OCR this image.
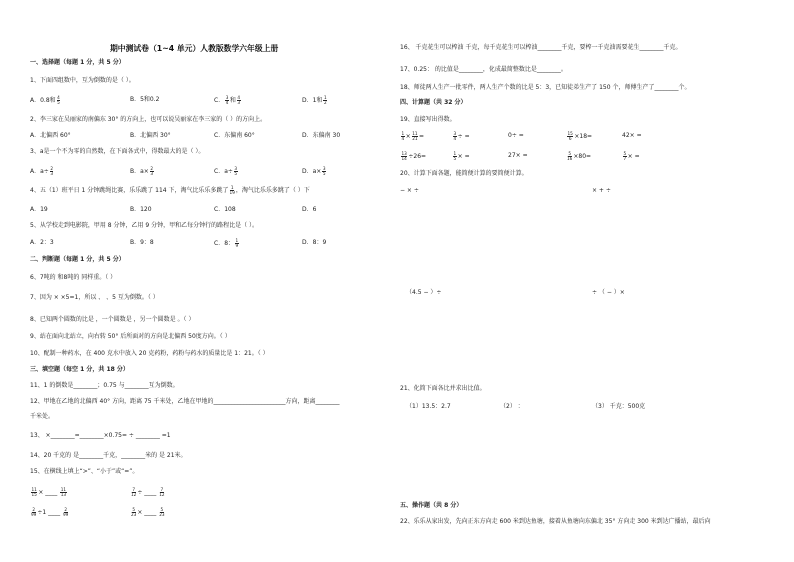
期中测试卷（1~4 单元）人教版数学六年级上册
一、选择题（每题 1 分，共 5 分）
1、下面四组数中，互为倒数的是（ ）。
A．0.8和 $\frac{4}{5}$	B．5和0.2	C． $\frac{3}{4}$ 和 $\frac{4}{3}$	D．1和 $\frac{1}{2}$
2、李三家在吴丽家的南偏东 30° 的方向上，也可以说吴丽家在李三家的（ ）的方向上。
A．北偏西 60°	B．北偏西 30°	C．东偏南 60°	D．东偏南 30
3、a是一个不为零的自然数，在下面各式中，得数最大的是（ ）。
A．$a\div \frac{2}{3}$	B．$a\times \frac{2}{3}$	C．$a\div \frac{3}{5}$	D．$a\times \frac{3}{5}$
4、五（1）班平日 1 分钟跳绳比赛，乐乐跳了 114 下，淘气比乐乐多跳了 $\frac{1}{19}$ ，淘气比乐乐多跳了（ ）下
A．19	B．120	C．108	D．6
5、从学校走到电影院，甲用 8 分钟，乙用 9 分钟，甲和乙每分钟行的路程比是（ ）。
A．2：3	B．9：8	C．8： $\frac{1}{9}$	D．8：9
二、判断题（每题 1 分，共 5 分）
6、7吨的 和8吨的 同样重。（ ）
7、因为 × ×5=1，所以 、 、5 互为倒数。（ ）
8、已知两个圆数的比是 ，一个圆数是 ，另一个圆数是 。（ ）
9、站在面向北站立，向右转 50° 后所面对的方向是北偏西 50度方向。（ ）
10、配制一种药水，在 400 克水中放入 20 克药粉，药粉与药水的质量比是 1：21。（ ）
三、填空题（每空 1 分，共 18 分）
11、1 的倒数是________；0.75 与________互为倒数。
12、甲地在乙地的北偏西 40° 方向，距离 75 千米处，乙地在甲地的________________________方向，距离________
千米处。
13、 ×________=________×0.75= ÷ ________ =1
14、20 千克的 是________千克，________米的 是 21米。
15、在横线上填上“>”、“小于”或“=”。
$\frac{11}{15}$ × ____ $\frac{11}{13}$	$\frac{7}{12}$ ÷ ____ $\frac{7}{12}$
$\frac{2}{99} \div 1$ ____ $\frac{2}{99}$	$\frac{5}{23}$ × ____ $\frac{5}{23}$
16、 千克花生可以榨油 千克，每千克花生可以榨油________千克，要榨一千克油需要花生________千克。
17、0.25： 的比值是________，化成最简整数比是________。
18、师徒两人生产一批零件，两人生产个数的比是 5：3，已知徒弟生产了 150 个，师傅生产了________个。
四、计算题（共 32 分）
19、直接写出得数。
$\frac{1}{4} \times \frac{11}{21}$ =	$\frac{3}{4}$ ÷ =	0÷ =	$\frac{15}{6} \times 18=$	42× =
$\frac{13}{14} \div 26=$	$\frac{1}{5}$ × =	27× =	$\frac{5}{16} \times 80=$	$\frac{5}{7}$ × =
20、计算下面各题，能简便计算的要简便计算。
− × ÷	× + ÷
（4.5 − ）÷	÷ （ − ）×
21、化简下面各比并求出比值。
（1）13.5：2.7	（2） ：	（3） 千克：500克
五、操作题（共 8 分）
22、乐乐从家出发，先向正东方向走 600 米到达鱼塘，接着从鱼塘向东偏北 35° 方向走 300 米到达广播站，最后向
